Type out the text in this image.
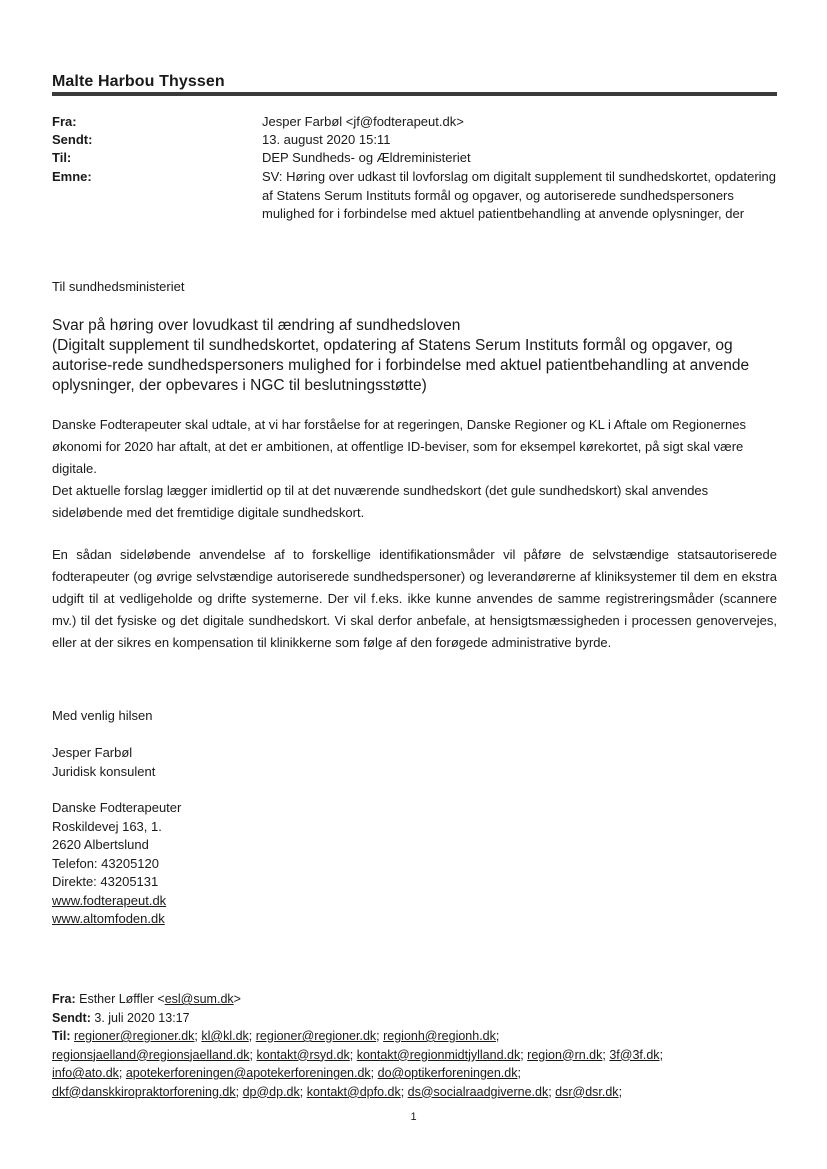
Malte Harbou Thyssen
Fra:	Jesper Farbøl <jf@fodterapeut.dk>
Sendt:	13. august 2020 15:11
Til:	DEP Sundheds- og Ældreministeriet
Emne:	SV: Høring over udkast til lovforslag om digitalt supplement til sundhedskortet, opdatering af Statens Serum Instituts formål og opgaver, og autoriserede sundhedspersoners mulighed for i forbindelse med aktuel patientbehandling at anvende oplysninger, der
Til sundhedsministeriet
Svar på høring over lovudkast til ændring af sundhedsloven
(Digitalt supplement til sundhedskortet, opdatering af Statens Serum Instituts formål og opgaver, og autorise-rede sundhedspersoners mulighed for i forbindelse med aktuel patientbehandling at anvende oplysninger, der opbevares i NGC til beslutningsstøtte)
Danske Fodterapeuter skal udtale, at vi har forståelse for at regeringen, Danske Regioner og KL i Aftale om Regionernes økonomi for 2020 har aftalt, at det er ambitionen, at offentlige ID-beviser, som for eksempel kørekortet, på sigt skal være digitale.
Det aktuelle forslag lægger imidlertid op til at det nuværende sundhedskort (det gule sundhedskort) skal anvendes sideløbende med det fremtidige digitale sundhedskort.
En sådan sideløbende anvendelse af to forskellige identifikationsmåder vil påføre de selvstændige statsautoriserede fodterapeuter (og øvrige selvstændige autoriserede sundhedspersoner) og leverandørerne af kliniksystemer til dem en ekstra udgift til at vedligeholde og drifte systemerne. Der vil f.eks. ikke kunne anvendes de samme registreringsmåder (scannere mv.) til det fysiske og det digitale sundhedskort. Vi skal derfor anbefale, at hensigtsmæssigheden i processen genovervejes, eller at der sikres en kompensation til klinikkerne som følge af den forøgede administrative byrde.
Med venlig hilsen
Jesper Farbøl
Juridisk konsulent
Danske Fodterapeuter
Roskildevej 163, 1.
2620 Albertslund
Telefon: 43205120
Direkte: 43205131
www.fodterapeut.dk
www.altomfoden.dk
Fra: Esther Løffler <esl@sum.dk>
Sendt: 3. juli 2020 13:17
Til: regioner@regioner.dk; kl@kl.dk; regioner@regioner.dk; regionh@regionh.dk;
regionsjaelland@regionsjaelland.dk; kontakt@rsyd.dk; kontakt@regionmidtjylland.dk; region@rn.dk; 3f@3f.dk;
info@ato.dk; apotekerforeningen@apotekerforeningen.dk; do@optikerforeningen.dk;
dkf@danskkiropraktorforening.dk; dp@dp.dk; kontakt@dpfo.dk; ds@socialraadgiverne.dk; dsr@dsr.dk;
1
